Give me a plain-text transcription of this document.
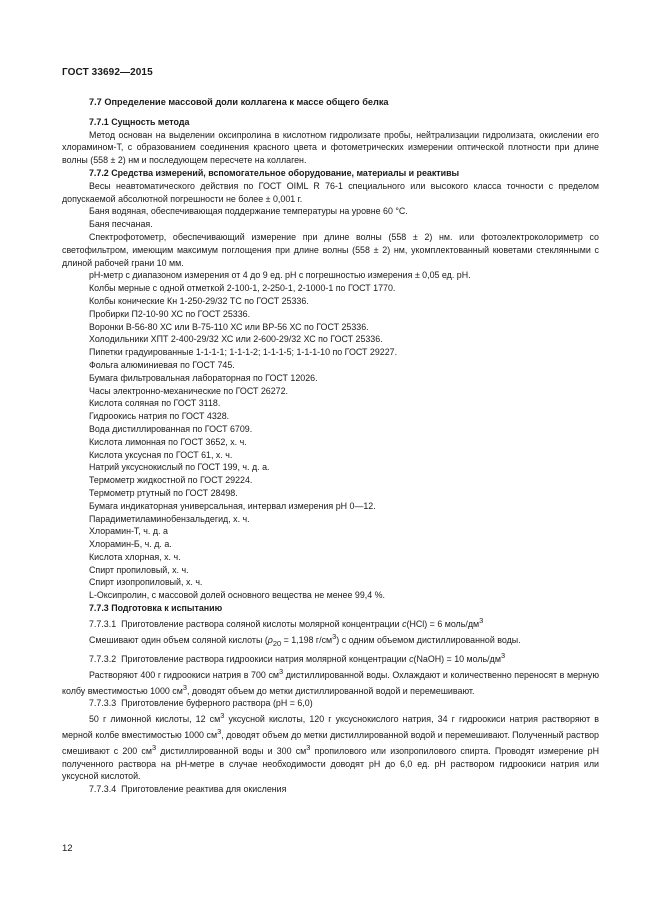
ГОСТ 33692—2015

7.7 Определение массовой доли коллагена к массе общего белка

7.7.1 Сущность метода

Метод основан на выделении оксипролина в кислотном гидролизате пробы, нейтрализации гидролизата, окислении его хлорамином-Т, с образованием соединения красного цвета и фотометрических измерении оптической плотности при длине волны (558 ± 2) нм и последующем пересчете на коллаген.

7.7.2 Средства измерений, вспомогательное оборудование, материалы и реактивы

Весы неавтоматического действия по ГОСТ OIML R 76-1 специального или высокого класса точности с пределом допускаемой абсолютной погрешности не более ± 0,001 г.

Баня водяная, обеспечивающая поддержание температуры на уровне 60 °С.

Баня песчаная.

Спектрофотометр, обеспечивающий измерение при длине волны (558 ± 2) нм. или фотоэлектроколориметр со светофильтром, имеющим максимум поглощения при длине волны (558 ± 2) нм, укомплектованный кюветами стеклянными с длиной рабочей грани 10 мм.

pH-метр с диапазоном измерения от 4 до 9 ед. pH с погрешностью измерения ± 0,05 ед. pH.

Колбы мерные с одной отметкой 2-100-1, 2-250-1, 2-1000-1 по ГОСТ 1770.

Колбы конические Кн 1-250-29/32 ТС по ГОСТ 25336.

Пробирки П2-10-90 ХС по ГОСТ 25336.

Воронки В-56-80 ХС или В-75-110 ХС или ВР-56 ХС по ГОСТ 25336.

Холодильники ХПТ 2-400-29/32 ХС или 2-600-29/32 ХС по ГОСТ 25336.

Пипетки градуированные 1-1-1-1; 1-1-1-2; 1-1-1-5; 1-1-1-10 по ГОСТ 29227.

Фольга алюминиевая по ГОСТ 745.

Бумага фильтровальная лабораторная по ГОСТ 12026.

Часы электронно-механические по ГОСТ 26272.

Кислота соляная по ГОСТ 3118.

Гидроокись натрия по ГОСТ 4328.

Вода дистиллированная по ГОСТ 6709.

Кислота лимонная по ГОСТ 3652, х. ч.

Кислота уксусная по ГОСТ 61, х. ч.

Натрий уксуснокислый по ГОСТ 199, ч. д. а.

Термометр жидкостной по ГОСТ 29224.

Термометр ртутный по ГОСТ 28498.

Бумага индикаторная универсальная, интервал измерения pH 0—12.

Парадиметиламинобензальдегид, х. ч.

Хлорамин-Т, ч. д. а

Хлорамин-Б, ч. д. а.

Кислота хлорная, х. ч.

Спирт пропиловый, х. ч.

Спирт изопропиловый, х. ч.

L-Оксипролин, с массовой долей основного вещества не менее 99,4 %.

7.7.3 Подготовка к испытанию

7.7.3.1 Приготовление раствора соляной кислоты молярной концентрации c(HCl) = 6 моль/$дм^3$

Смешивают один объем соляной кислоты ($\rho_{20} = 1,198$ $г/см^3$) с одним объемом дистиллированной воды.

7.7.3.2 Приготовление раствора гидроокиси натрия молярной концентрации c(NaOH) = 10 моль/$дм^3$

Растворяют 400 г гидроокиси натрия в 700 $см^3$ дистиллированной воды. Охлаждают и количественно переносят в мерную колбу вместимостью 1000 $см^3$, доводят объем до метки дистиллированной водой и перемешивают.

7.7.3.3 Приготовление буферного раствора (pH = 6,0)

50 г лимонной кислоты, 12 $см^3$ уксусной кислоты, 120 г уксуснокислого натрия, 34 г гидроокиси натрия растворяют в мерной колбе вместимостью 1000 $см^3$, доводят объем до метки дистиллированной водой и перемешивают. Полученный раствор смешивают с 200 $см^3$ дистиллированной воды и 300 $см^3$ пропилового или изопропилового спирта. Проводят измерение pH полученного раствора на pH-метре в случае необходимости доводят pH до 6,0 ед. pH раствором гидроокиси натрия или уксусной кислотой.

7.7.3.4 Приготовление реактива для окисления

12
